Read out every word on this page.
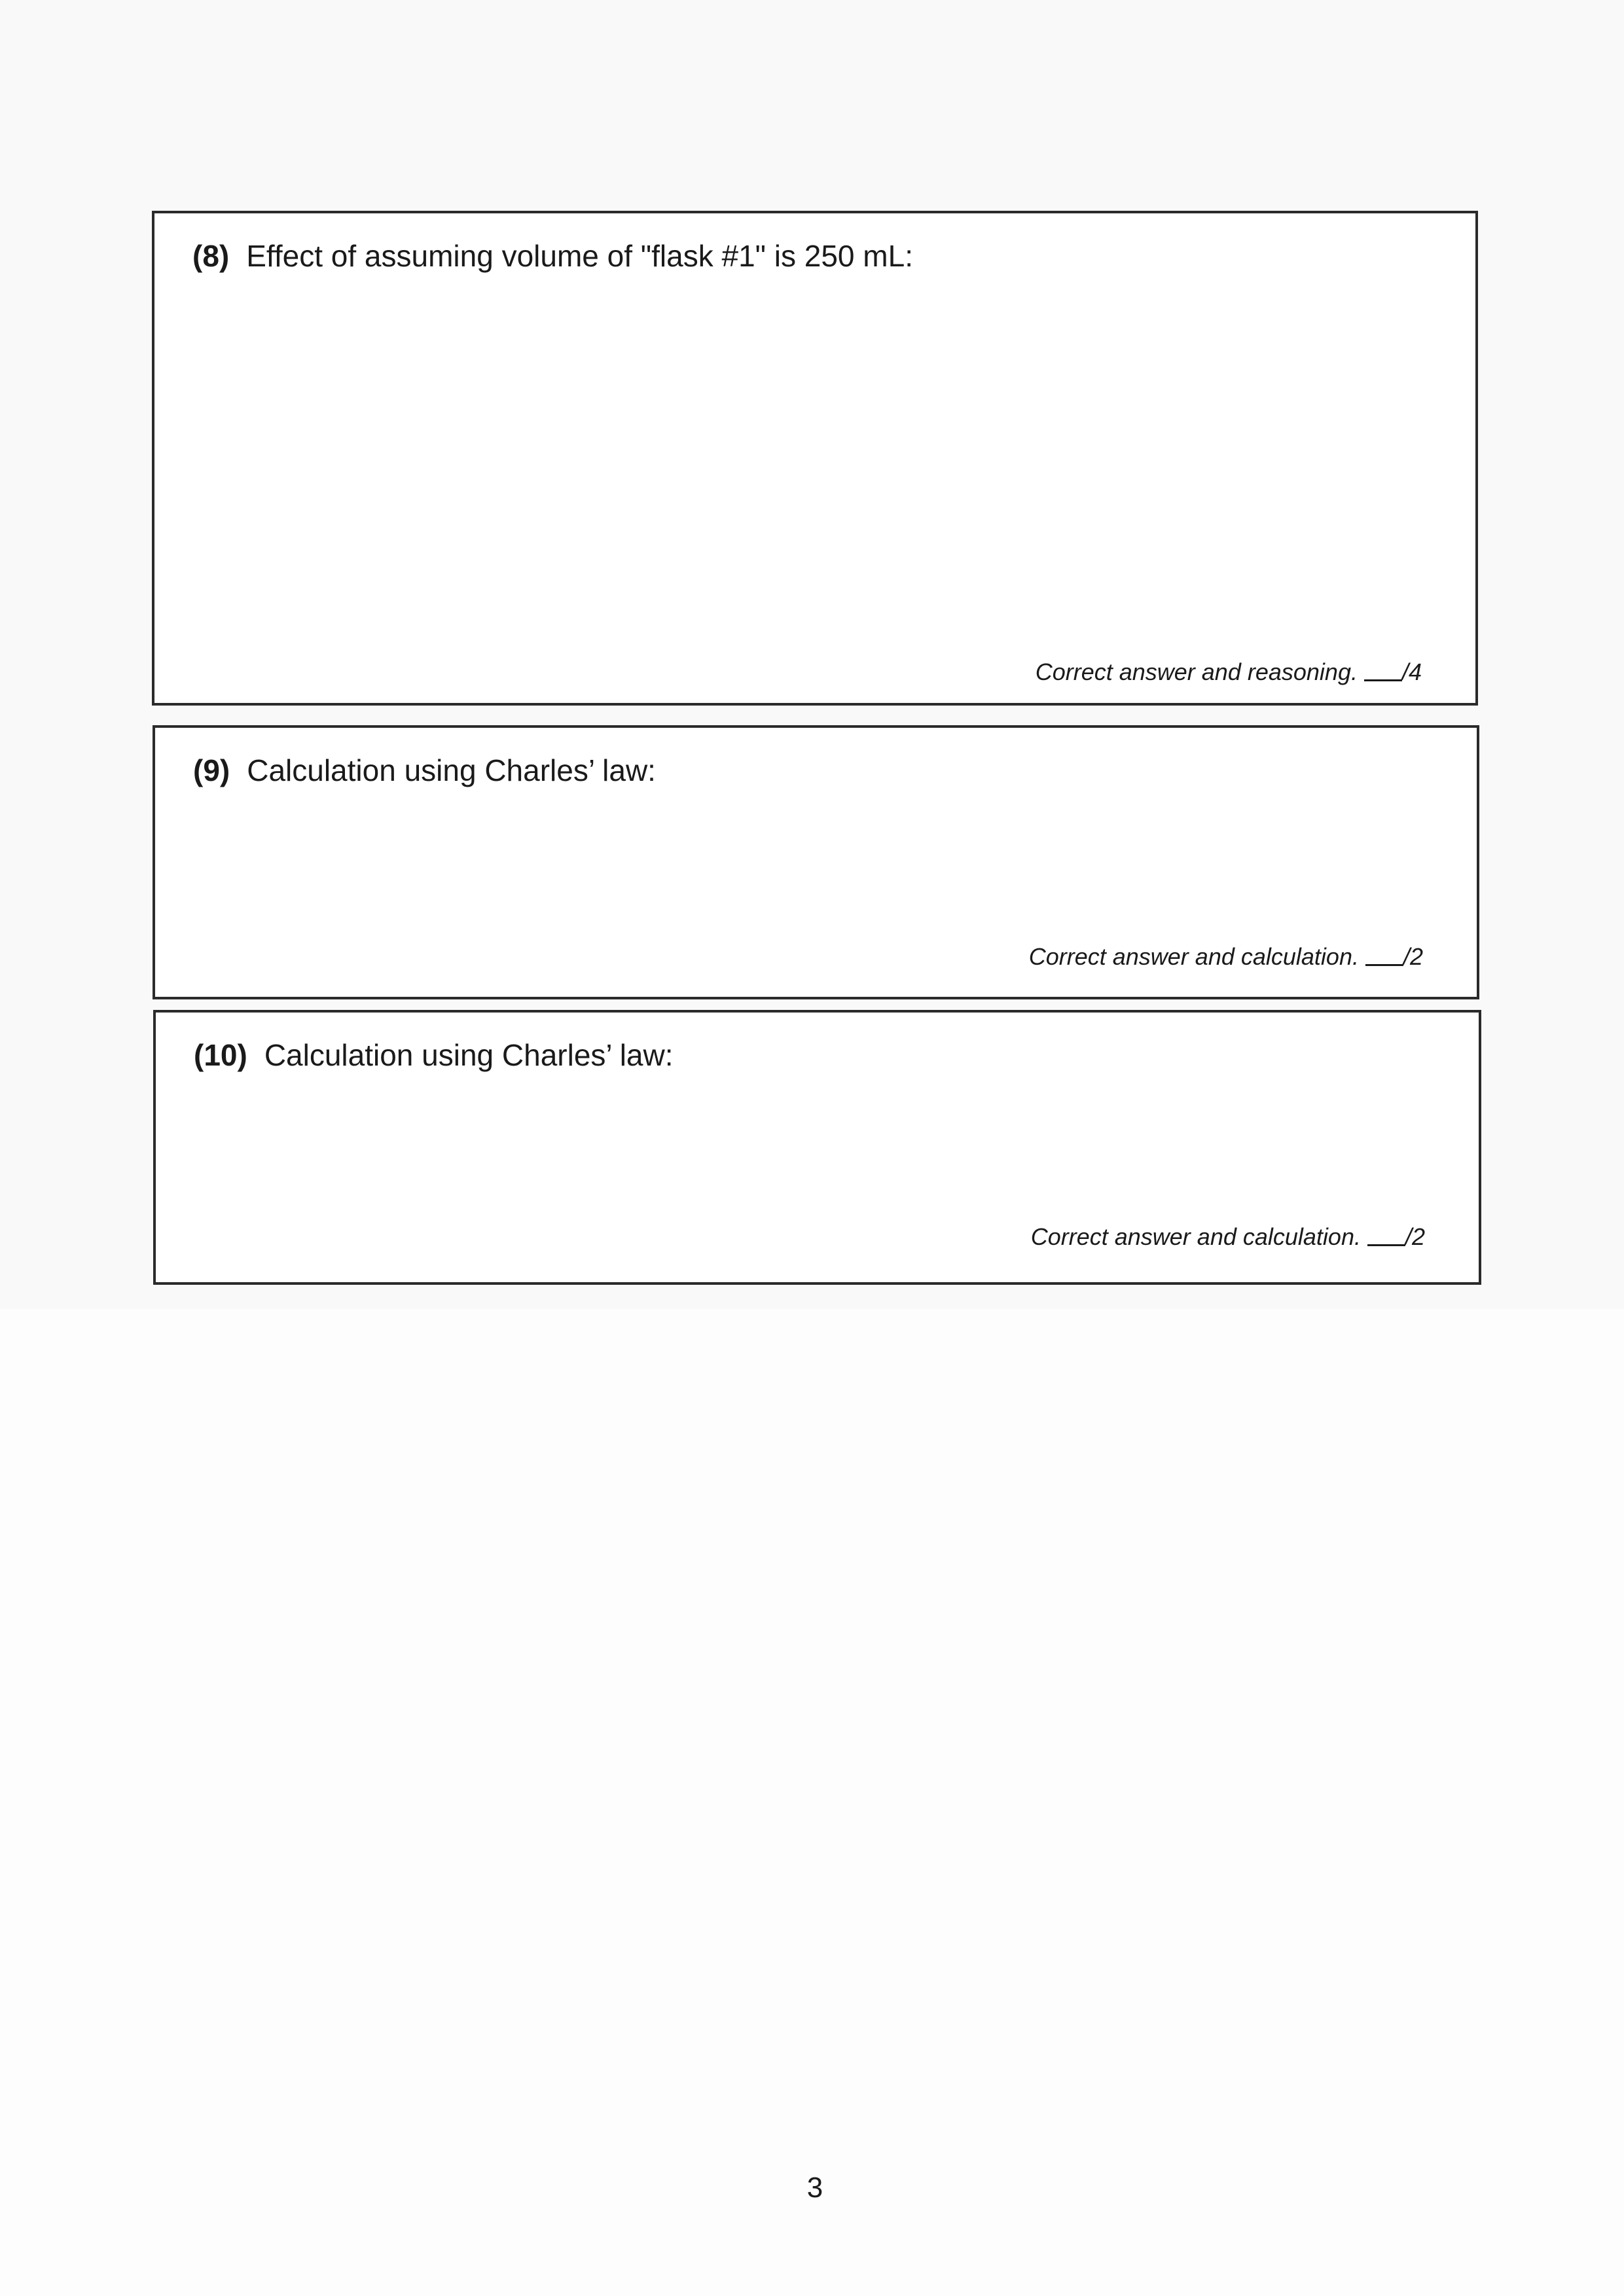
(8) Effect of assuming volume of "flask #1" is 250 mL:
Correct answer and reasoning. /4
(9) Calculation using Charles’ law:
Correct answer and calculation. /2
(10) Calculation using Charles’ law:
Correct answer and calculation. /2
3
